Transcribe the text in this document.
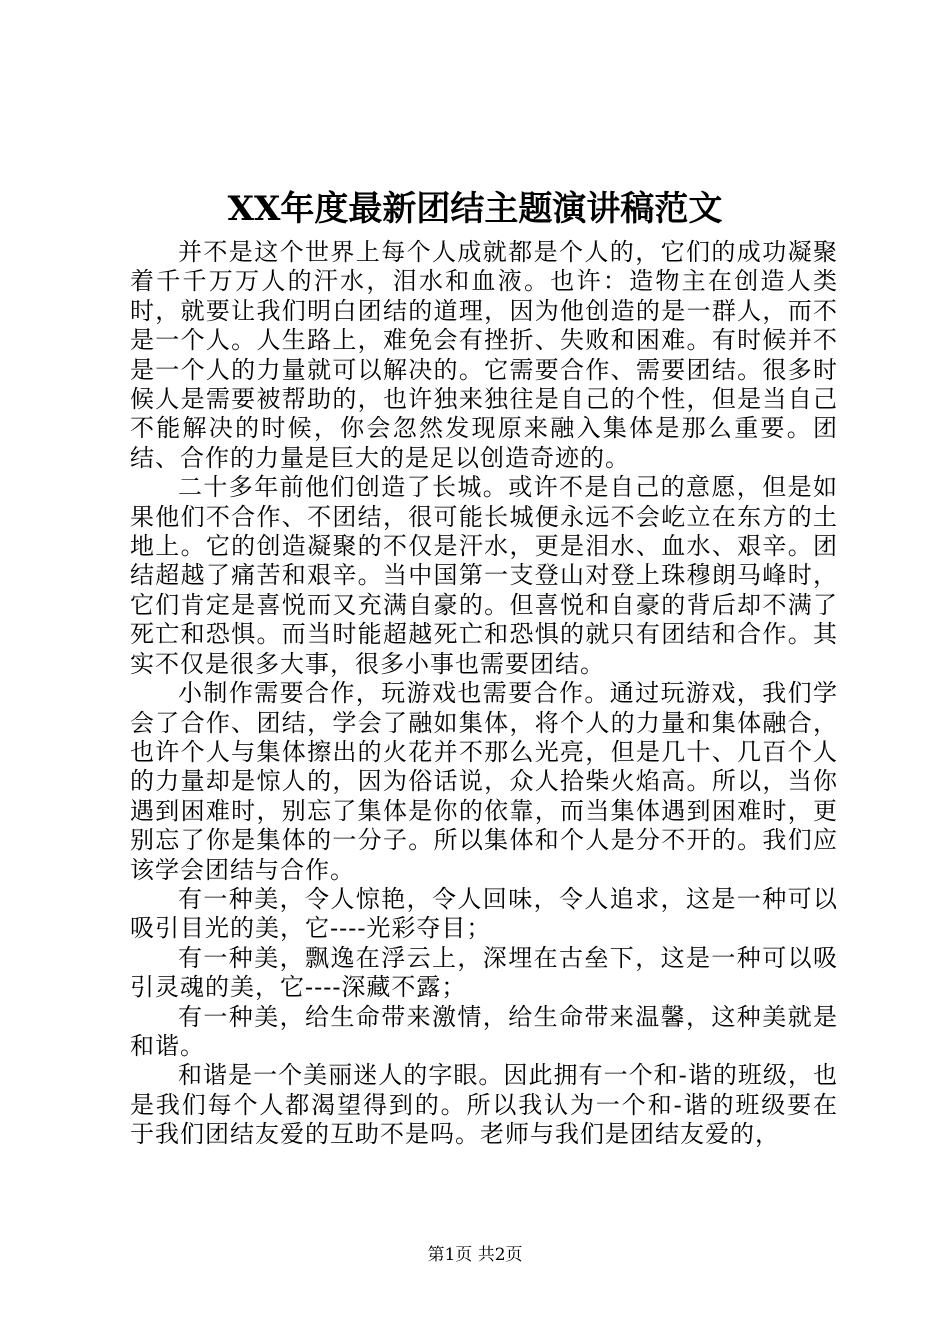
XX年度最新团结主题演讲稿范文

并不是这个世界上每个人成就都是个人的，它们的成功凝聚着千千万万人的汗水，泪水和血液。也许：造物主在创造人类时，就要让我们明白团结的道理，因为他创造的是一群人，而不是一个人。人生路上，难免会有挫折、失败和困难。有时候并不是一个人的力量就可以解决的。它需要合作、需要团结。很多时候人是需要被帮助的，也许独来独往是自己的个性，但是当自己不能解决的时候，你会忽然发现原来融入集体是那么重要。团结、合作的力量是巨大的是足以创造奇迹的。

二十多年前他们创造了长城。或许不是自己的意愿，但是如果他们不合作、不团结，很可能长城便永远不会屹立在东方的土地上。它的创造凝聚的不仅是汗水，更是泪水、血水、艰辛。团结超越了痛苦和艰辛。当中国第一支登山对登上珠穆朗马峰时，它们肯定是喜悦而又充满自豪的。但喜悦和自豪的背后却不满了死亡和恐惧。而当时能超越死亡和恐惧的就只有团结和合作。其实不仅是很多大事，很多小事也需要团结。

小制作需要合作，玩游戏也需要合作。通过玩游戏，我们学会了合作、团结，学会了融如集体，将个人的力量和集体融合，也许个人与集体擦出的火花并不那么光亮，但是几十、几百个人的力量却是惊人的，因为俗话说，众人拾柴火焰高。所以，当你遇到困难时，别忘了集体是你的依靠，而当集体遇到困难时，更别忘了你是集体的一分子。所以集体和个人是分不开的。我们应该学会团结与合作。

有一种美，令人惊艳，令人回味，令人追求，这是一种可以吸引目光的美，它----光彩夺目；

有一种美，飘逸在浮云上，深埋在古垒下，这是一种可以吸引灵魂的美，它----深藏不露；

有一种美，给生命带来激情，给生命带来温馨，这种美就是和谐。

和谐是一个美丽迷人的字眼。因此拥有一个和-谐的班级，也是我们每个人都渴望得到的。所以我认为一个和-谐的班级要在于我们团结友爱的互助不是吗。老师与我们是团结友爱的，

第1页 共2页
